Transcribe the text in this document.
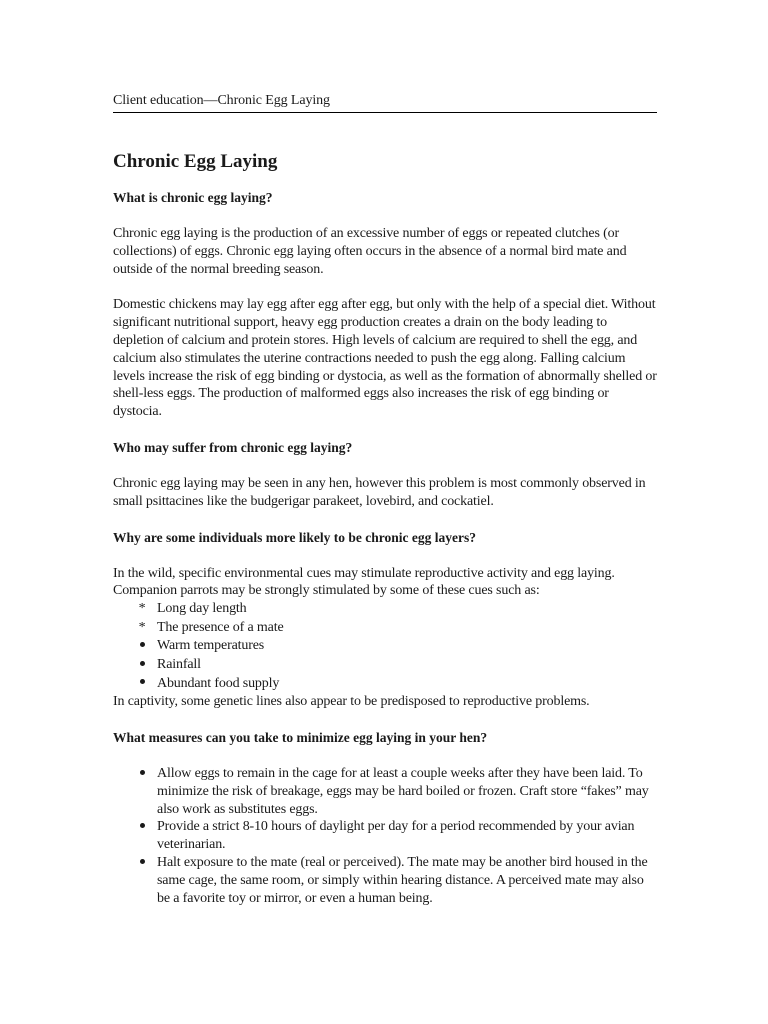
Client education—Chronic Egg Laying
Chronic Egg Laying
What is chronic egg laying?

Chronic egg laying is the production of an excessive number of eggs or repeated clutches (or collections) of eggs. Chronic egg laying often occurs in the absence of a normal bird mate and outside of the normal breeding season.

Domestic chickens may lay egg after egg after egg, but only with the help of a special diet. Without significant nutritional support, heavy egg production creates a drain on the body leading to depletion of calcium and protein stores. High levels of calcium are required to shell the egg, and calcium also stimulates the uterine contractions needed to push the egg along. Falling calcium levels increase the risk of egg binding or dystocia, as well as the formation of abnormally shelled or shell-less eggs. The production of malformed eggs also increases the risk of egg binding or dystocia.

Who may suffer from chronic egg laying?

Chronic egg laying may be seen in any hen, however this problem is most commonly observed in small psittacines like the budgerigar parakeet, lovebird, and cockatiel.

Why are some individuals more likely to be chronic egg layers?

In the wild, specific environmental cues may stimulate reproductive activity and egg laying. Companion parrots may be strongly stimulated by some of these cues such as:

* Long day length
* The presence of a mate
Warm temperatures
Rainfall
Abundant food supply

In captivity, some genetic lines also appear to be predisposed to reproductive problems.

What measures can you take to minimize egg laying in your hen?
Allow eggs to remain in the cage for at least a couple weeks after they have been laid. To minimize the risk of breakage, eggs may be hard boiled or frozen. Craft store “fakes” may also work as substitutes eggs.
Provide a strict 8-10 hours of daylight per day for a period recommended by your avian veterinarian.
Halt exposure to the mate (real or perceived). The mate may be another bird housed in the same cage, the same room, or simply within hearing distance. A perceived mate may also be a favorite toy or mirror, or even a human being.
